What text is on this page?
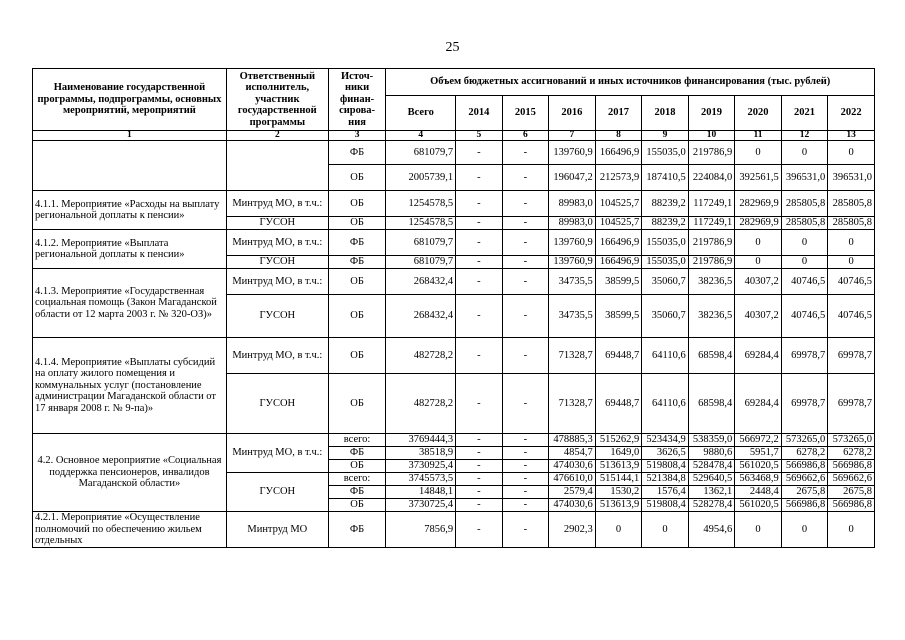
25
Наименование государственной программы, подпрограммы, основных мероприятий, мероприятий	Ответственный исполнитель, участник государственной программы	Источ-ники финан-сирова-ния	Объем бюджетных ассигнований и иных источников финансирования (тыс. рублей)									
			Всего	2014	2015	2016	2017	2018	2019	2020	2021	2022
1	2	3	4	5	6	7	8	9	10	11	12	13
		ФБ	681079,7	-	-	139760,9	166496,9	155035,0	219786,9	0	0	0
		ОБ	2005739,1	-	-	196047,2	212573,9	187410,5	224084,0	392561,5	396531,0	396531,0
4.1.1. Мероприятие «Расходы на выплату региональной доплаты к пенсии»	Минтруд МО, в т.ч.:	ОБ	1254578,5	-	-	89983,0	104525,7	88239,2	117249,1	282969,9	285805,8	285805,8
	ГУСОН	ОБ	1254578,5	-	-	89983,0	104525,7	88239,2	117249,1	282969,9	285805,8	285805,8
4.1.2. Мероприятие «Выплата региональной доплаты к пенсии»	Минтруд МО, в т.ч.:	ФБ	681079,7	-	-	139760,9	166496,9	155035,0	219786,9	0	0	0
	ГУСОН	ФБ	681079,7	-	-	139760,9	166496,9	155035,0	219786,9	0	0	0
4.1.3. Мероприятие «Государственная социальная помощь (Закон Магаданской области от 12 марта 2003 г. № 320-ОЗ)»	Минтруд МО, в т.ч.:	ОБ	268432,4	-	-	34735,5	38599,5	35060,7	38236,5	40307,2	40746,5	40746,5
	ГУСОН	ОБ	268432,4	-	-	34735,5	38599,5	35060,7	38236,5	40307,2	40746,5	40746,5
4.1.4. Мероприятие «Выплаты субсидий на оплату жилого помещения и коммунальных услуг (постановление администрации Магаданской области от 17 января 2008 г. № 9-па)»	Минтруд МО, в т.ч.:	ОБ	482728,2	-	-	71328,7	69448,7	64110,6	68598,4	69284,4	69978,7	69978,7
	ГУСОН	ОБ	482728,2	-	-	71328,7	69448,7	64110,6	68598,4	69284,4	69978,7	69978,7
4.2. Основное мероприятие «Социальная поддержка пенсионеров, инвалидов Магаданской области»	Минтруд МО, в т.ч.:	всего:	3769444,3	-	-	478885,3	515262,9	523434,9	538359,0	566972,2	573265,0	573265,0
		ФБ	38518,9	-	-	4854,7	1649,0	3626,5	9880,6	5951,7	6278,2	6278,2
		ОБ	3730925,4	-	-	474030,6	513613,9	519808,4	528478,4	561020,5	566986,8	566986,8
	ГУСОН	всего:	3745573,5	-	-	476610,0	515144,1	521384,8	529640,5	563468,9	569662,6	569662,6
		ФБ	14848,1	-	-	2579,4	1530,2	1576,4	1362,1	2448,4	2675,8	2675,8
		ОБ	3730725,4	-	-	474030,6	513613,9	519808,4	528278,4	561020,5	566986,8	566986,8
4.2.1. Мероприятие «Осуществление полномочий по обеспечению жильем отдельных	Минтруд МО	ФБ	7856,9	-	-	2902,3	0	0	4954,6	0	0	0
